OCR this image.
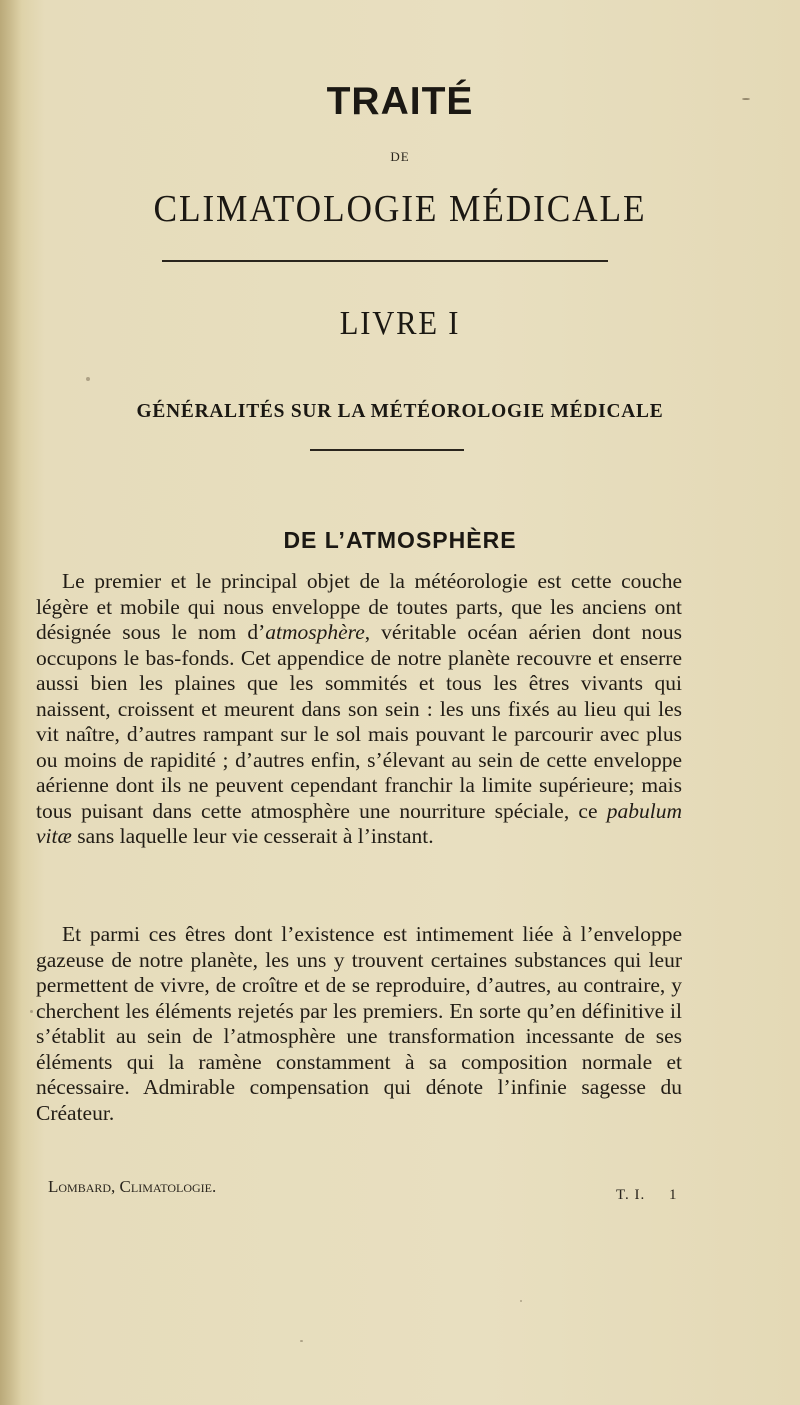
TRAITÉ
DE
CLIMATOLOGIE MÉDICALE
LIVRE I
GÉNÉRALITÉS SUR LA MÉTÉOROLOGIE MÉDICALE
DE L’ATMOSPHÈRE

Le premier et le principal objet de la météorologie est cette couche légère et mobile qui nous enveloppe de toutes parts, que les anciens ont désignée sous le nom d’atmosphère, véritable océan aérien dont nous occupons le bas-fonds. Cet appendice de notre planète recouvre et enserre aussi bien les plaines que les sommités et tous les êtres vivants qui naissent, croissent et meurent dans son sein : les uns fixés au lieu qui les vit naître, d’autres rampant sur le sol mais pouvant le parcourir avec plus ou moins de rapidité ; d’autres enfin, s’élevant au sein de cette enveloppe aérienne dont ils ne peuvent cependant franchir la limite supérieure; mais tous puisant dans cette atmosphère une nourriture spéciale, ce pabulum vitæ sans laquelle leur vie cesserait à l’instant.

Et parmi ces êtres dont l’existence est intimement liée à l’enveloppe gazeuse de notre planète, les uns y trouvent certaines substances qui leur permettent de vivre, de croître et de se reproduire, d’autres, au contraire, y cherchent les éléments rejetés par les premiers. En sorte qu’en définitive il s’établit au sein de l’atmosphère une transformation incessante de ses éléments qui la ramène constamment à sa composition normale et nécessaire. Admirable compensation qui dénote l’infinie sagesse du Créateur.

Lombard, Climatologie.	T. I.     1
